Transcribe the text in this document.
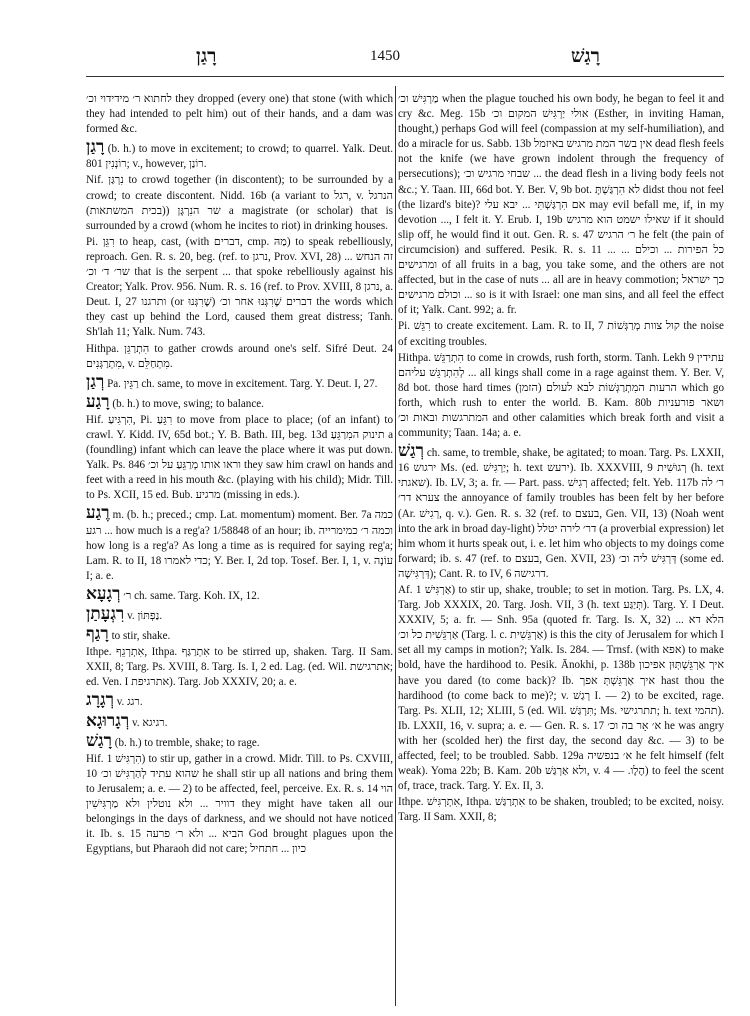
רָגַן	1450	רָגַשׁ

לחתוא ר׳ מידידוי וכ׳ they dropped (every one) that stone (with which they had intended to pelt him) out of their hands, and a dam was formed &c.

רָגַן (b. h.) to move in excitement; to crowd; to quarrel. Yalk. Deut. 801 רוֹנְנִין; v., however, רוֹנַן.

Nif. נִרְגַּן to crowd together (in discontent); to be surrounded by a crowd; to create discontent. Nidd. 16b (a variant to רגל, v. הנרגל (בכית המשתאות)) שר הנִרְגָּן a magistrate (or scholar) that is surrounded by a crowd (whom he incites to riot) in drinking houses.

Pi. רִגֵּן to heap, cast, (with דברים, cmp. מַהּ) to speak rebelliously, reproach. Gen. R. s. 20, beg. (ref. to נרגן, Prov. XVI, 28) זה הנחש ... שר׳ ד׳ וכ׳ that is the serpent ... that spoke rebelliously against his Creator; Yalk. Prov. 956. Num. R. s. 16 (ref. to Prov. XVIII, 8 נרגן, a. Deut. I, 27 ותרגנו (or שֶׁרִגְּנוּ) דברים שֶׁרִגְּנוּ אחר וכ׳ the words which they cast up behind the Lord, caused them great distress; Tanh. Sh'lah 11; Yalk. Num. 743.

Hithpa. הִתְרַגֵּן to gather crowds around one's self. Sifré Deut. 24 מִתְרַגְּנִים, v. מִתְחַלֵּם.

רְגַן Pa. רַגֵּין ch. same, to move in excitement. Targ. Y. Deut. I, 27.

רָגַע (b. h.) to move, swing; to balance.

Hif. הִרְגִּיעַ, Pi. רִגֵּעַ to move from place to place; (of an infant) to crawl. Y. Kidd. IV, 65d bot.; Y. B. Bath. III, beg. 13d תינוק המִרַגֵּעַ a (foundling) infant which can leave the place where it was put down. Yalk. Ps. 846 וראו אותו מְרַגֵּעַ על וכ׳ they saw him crawl on hands and feet with a reed in his mouth &c. (playing with his child); Midr. Till. to Ps. XCII, 15 ed. Bub. מרגיע (missing in eds.).

רֶגַע m. (b. h.; preced.; cmp. Lat. momentum) moment. Ber. 7a כמה רגע ... how much is a reg'a? 1/58848 of an hour; ib. וכמה ר׳ כמימרייה how long is a reg'a? As long a time as is required for saying reg'a; Lam. R. to II, 18 כדי לאמרו; Y. Ber. I, 2d top. Tosef. Ber. I, 1, v. עוֹנָה I; a. e.

רְגָעָא ר׳ ch. same. Targ. Koh. IX, 12.

רִגְעָתַן v. נַפְתּוֹן.

רָגַף to stir, shake.

Ithpe. אִתְרְגֵף, Ithpa. אִתְרַגַּף to be stirred up, shaken. Targ. II Sam. XXII, 8; Targ. Ps. XVIII, 8. Targ. Is. I, 2 ed. Lag. (ed. Wil. אתרגישת; ed. Ven. I אתרגיפת). Targ. Job XXXIV, 20; a. e.

רְגָרָג v. רגג.

רְגָרוּגָא v. רגיגא.

רָגַשׁ (b. h.) to tremble, shake; to rage.

Hif. הִרְגִּישׁ 1) to stir up, gather in a crowd. Midr. Till. to Ps. CXVIII, 10 שהוא עתיד לְהַרְגִּישׁ וכ׳ he shall stir up all nations and bring them to Jerusalem; a. e. — 2) to be affected, feel, perceive. Ex. R. s. 14 הוי דוויר ... ולא נוטלין ולא מַרְגִּישִׁין they might have taken all our belongings in the days of darkness, and we should not have noticed it. Ib. s. 15 הביא ... ולא ר׳ פרעה God brought plagues upon the Egyptians, but Pharaoh did not care; כיון ... חתחיל

מַרְגִּישׁ וכ׳ when the plague touched his own body, he began to feel it and cry &c. Meg. 15b אולי יַרְגִּישׁ המקום וכ׳ (Esther, in inviting Haman, thought,) perhaps God will feel (compassion at my self-humiliation), and do a miracle for us. Sabb. 13b אין בשר המת מרגיש באיזמל dead flesh feels not the knife (we have grown indolent through the frequency of persecutions); שבחי מרגיש וכ׳ ... the dead flesh in a living body feels not &c.; Y. Taan. III, 66d bot. Y. Ber. V, 9b bot. לא הִרְגַּשְׁתָּ didst thou not feel (the lizard's bite)? אם הִרְגַּשְׁתִּי ... יבא עלי may evil befall me, if, in my devotion ..., I felt it. Y. Erub. I, 19b שאילו ישמט הוא מרגיש if it should slip off, he would find it out. Gen. R. s. 47 ר׳ הרגיש he felt (the pain of circumcision) and suffered. Pesik. R. s. 11 ... כל הפירות ... וכילם ... ומרגישים of all fruits in a bag, you take some, and the others are not affected, but in the case of nuts ... all are in heavy commotion; כך ישראל ... וכולם מרגישים so is it with Israel: one man sins, and all feel the effect of it; Yalk. Cant. 992; a. fr.

Pi. רִגֵּשׁ to create excitement. Lam. R. to II, 7 קול צוות מְרַגְּשׁוֹת the noise of exciting troubles.

Hithpa. הִתְרַגֵּשׁ to come in crowds, rush forth, storm. Tanh. Lekh 9 עתידין ... לְהִתְרַגֵּשׁ עליהם all kings shall come in a rage against them. Y. Ber. V, 8d bot. those hard times (הזמן) הרעות המִתְרַגְּשׁוֹת לבא לעולם which go forth, which rush to enter the world. B. Kam. 80b ושאר פורעניות המתרגשות ובאות וכ׳ and other calamities which break forth and visit a community; Taan. 14a; a. e.

רְגַשׁ ch. same, to tremble, shake, be agitated; to moan. Targ. Ps. LXXII, 16 ירגוש Ms. (ed. יַרְגִּישׁ; h. text ירעש). Ib. XXXVIII, 9 רְגוּשִׁית (h. text שאגתי). Ib. LV, 3; a. fr. — Part. pass. רְגִישׁ affected; felt. Yeb. 117b ר׳ לה צערא דר׳ the annoyance of family troubles has been felt by her before (Ar. רְגִישׁ, q. v.). Gen. R. s. 32 (ref. to בעצם, Gen. VII, 13) (Noah went into the ark in broad day-light) דר׳ לירה יטלל (a proverbial expression) let him whom it hurts speak out, i. e. let him who objects to my doings come forward; ib. s. 47 (ref. to בעצם, Gen. XVII, 23) דְּרְגִּישׁ ליה וכ׳ (some ed. דְּרְגִּישָׁה); Cant. R. to IV, 6 דרגישה.

Af. אַרְגִּישׁ 1) to stir up, shake, trouble; to set in motion. Targ. Ps. LX, 4. Targ. Job XXXIX, 20. Targ. Josh. VII, 3 (h. text תְּיַגַּע). Targ. Y. I Deut. XXXIV, 5; a. fr. — Snh. 95a (quoted fr. Targ. Is. X, 32) הלא דא ... אַרְגֵּשִׁית כל וכ׳ (Targ. l. c. אַרְגֵּשִׁית) is this the city of Jerusalem for which I set all my camps in motion?; Yalk. Is. 284. — Trnsf. (with אפא) to make bold, have the hardihood to. Pesik. Ānokhi, p. 138b איך אַרְגֵּשְׁתְּוּן אפיכון have you dared (to come back)? Ib. איך אַרְגֵּשְׁתְּ אפך hast thou the hardihood (to come back to me)?; v. רְגַשׁ I. — 2) to be excited, rage. Targ. Ps. XLII, 12; XLIII, 5 (ed. Wil. תִּרְגַּשׁ; Ms. תתרגישי; h. text תהמי). Ib. LXXII, 16, v. supra; a. e. — Gen. R. s. 17 א׳ אָר בה וכ׳ he was angry with her (scolded her) the first day, the second day &c. — 3) to be affected, feel; to be troubled. Sabb. 129a א׳ בנפשיה he felt himself (felt weak). Yoma 22b; B. Kam. 20b ולא אַרְגַּשׁ, v. הֶלֶו. — 4) to feel the scent of, trace, track. Targ. Y. Ex. II, 3.

Ithpe. אִתְרְגִּישׁ, Ithpa. אִתְרַגַּשׁ to be shaken, troubled; to be excited, noisy. Targ. II Sam. XXII, 8;
